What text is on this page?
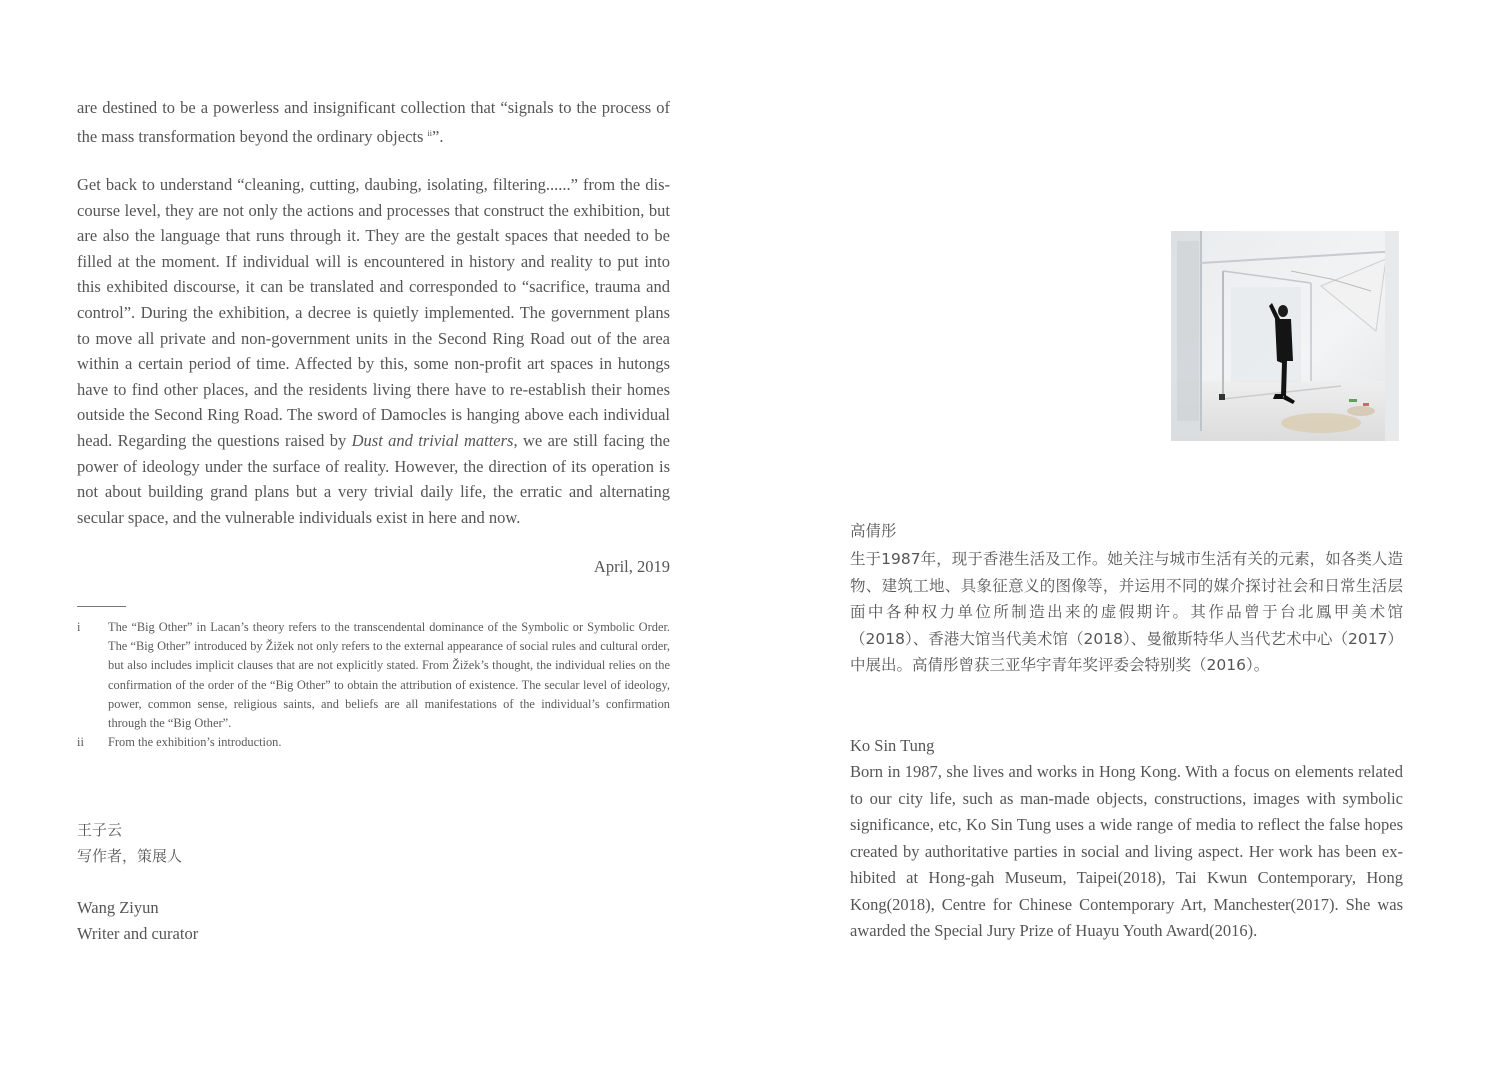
are destined to be a powerless and insignificant collection that “signals to the process of the mass transformation beyond the ordinary objects $^{ii}$”.

Get back to understand “cleaning, cutting, daubing, isolating, filtering......” from the discourse level, they are not only the actions and processes that construct the exhibition, but are also the language that runs through it. They are the gestalt spaces that needed to be filled at the moment. If individual will is encountered in history and reality to put into this exhibited discourse, it can be translated and corresponded to “sacrifice, trauma and control”. During the exhibition, a decree is quietly implemented. The government plans to move all private and non-government units in the Second Ring Road out of the area within a certain period of time. Affected by this, some non-profit art spaces in hutongs have to find other places, and the residents living there have to re-establish their homes outside the Second Ring Road. The sword of Damocles is hanging above each individual head. Regarding the questions raised by Dust and trivial matters, we are still facing the power of ideology under the surface of reality. However, the direction of its operation is not about building grand plans but a very trivial daily life, the erratic and alternating secular space, and the vulnerable individuals exist in here and now.

April, 2019
i	The “Big Other” in Lacan’s theory refers to the transcendental dominance of the Symbolic or Symbolic Order. The “Big Other” introduced by Žižek not only refers to the external appearance of social rules and cultural order, but also includes implicit clauses that are not explicitly stated. From Žižek’s thought, the individual relies on the confirmation of the order of the “Big Other” to obtain the attribution of existence. The secular level of ideology, power, common sense, religious saints, and beliefs are all manifestations of the individual’s confirmation through the “Big Other”.
ii	From the exhibition’s introduction.
王子云
写作者，策展人
Wang Ziyun
Writer and curator
高倩彤

生于1987年，现于香港生活及工作。她关注与城市生活有关的元素，如各类人造物、建筑工地、具象征意义的图像等，并运用不同的媒介探讨社会和日常生活层面中各种权力单位所制造出来的虚假期许。其作品曾于台北鳳甲美术馆（2018）、香港大馆当代美术馆（2018）、曼徹斯特华人当代艺术中心（2017）中展出。高倩彤曾获三亚华宇青年奖评委会特别奖（2016）。

Ko Sin Tung

Born in 1987, she lives and works in Hong Kong. With a focus on elements related to our city life, such as man-made objects, constructions, images with symbolic significance, etc, Ko Sin Tung uses a wide range of media to reflect the false hopes created by authoritative parties in social and living aspect. Her work has been exhibited at Hong-gah Museum, Taipei(2018), Tai Kwun Contemporary, Hong Kong(2018), Centre for Chinese Contemporary Art, Manchester(2017). She was awarded the Special Jury Prize of Huayu Youth Award(2016).
